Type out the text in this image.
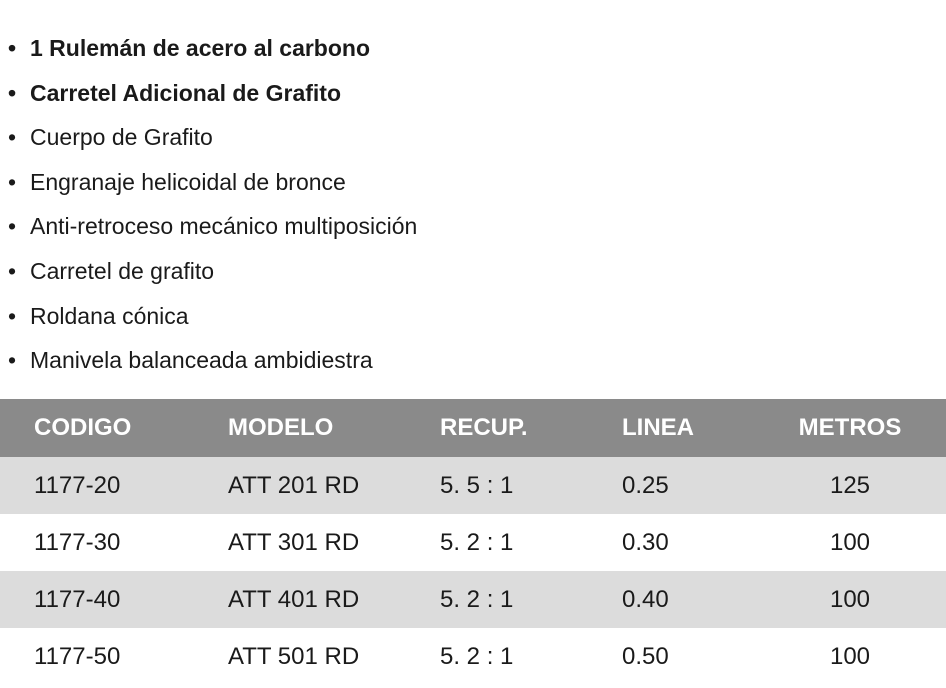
• 1 Rulemán de acero al carbono
• Carretel Adicional de Grafito
• Cuerpo de Grafito
• Engranaje helicoidal de bronce
• Anti-retroceso mecánico multiposición
• Carretel de grafito
• Roldana cónica
• Manivela balanceada ambidiestra
CODIGO	MODELO	RECUP.	LINEA	METROS
1177-20	ATT 201 RD	5. 5 : 1	0.25	125
1177-30	ATT 301 RD	5. 2 : 1	0.30	100
1177-40	ATT 401 RD	5. 2 : 1	0.40	100
1177-50	ATT 501 RD	5. 2 : 1	0.50	100
